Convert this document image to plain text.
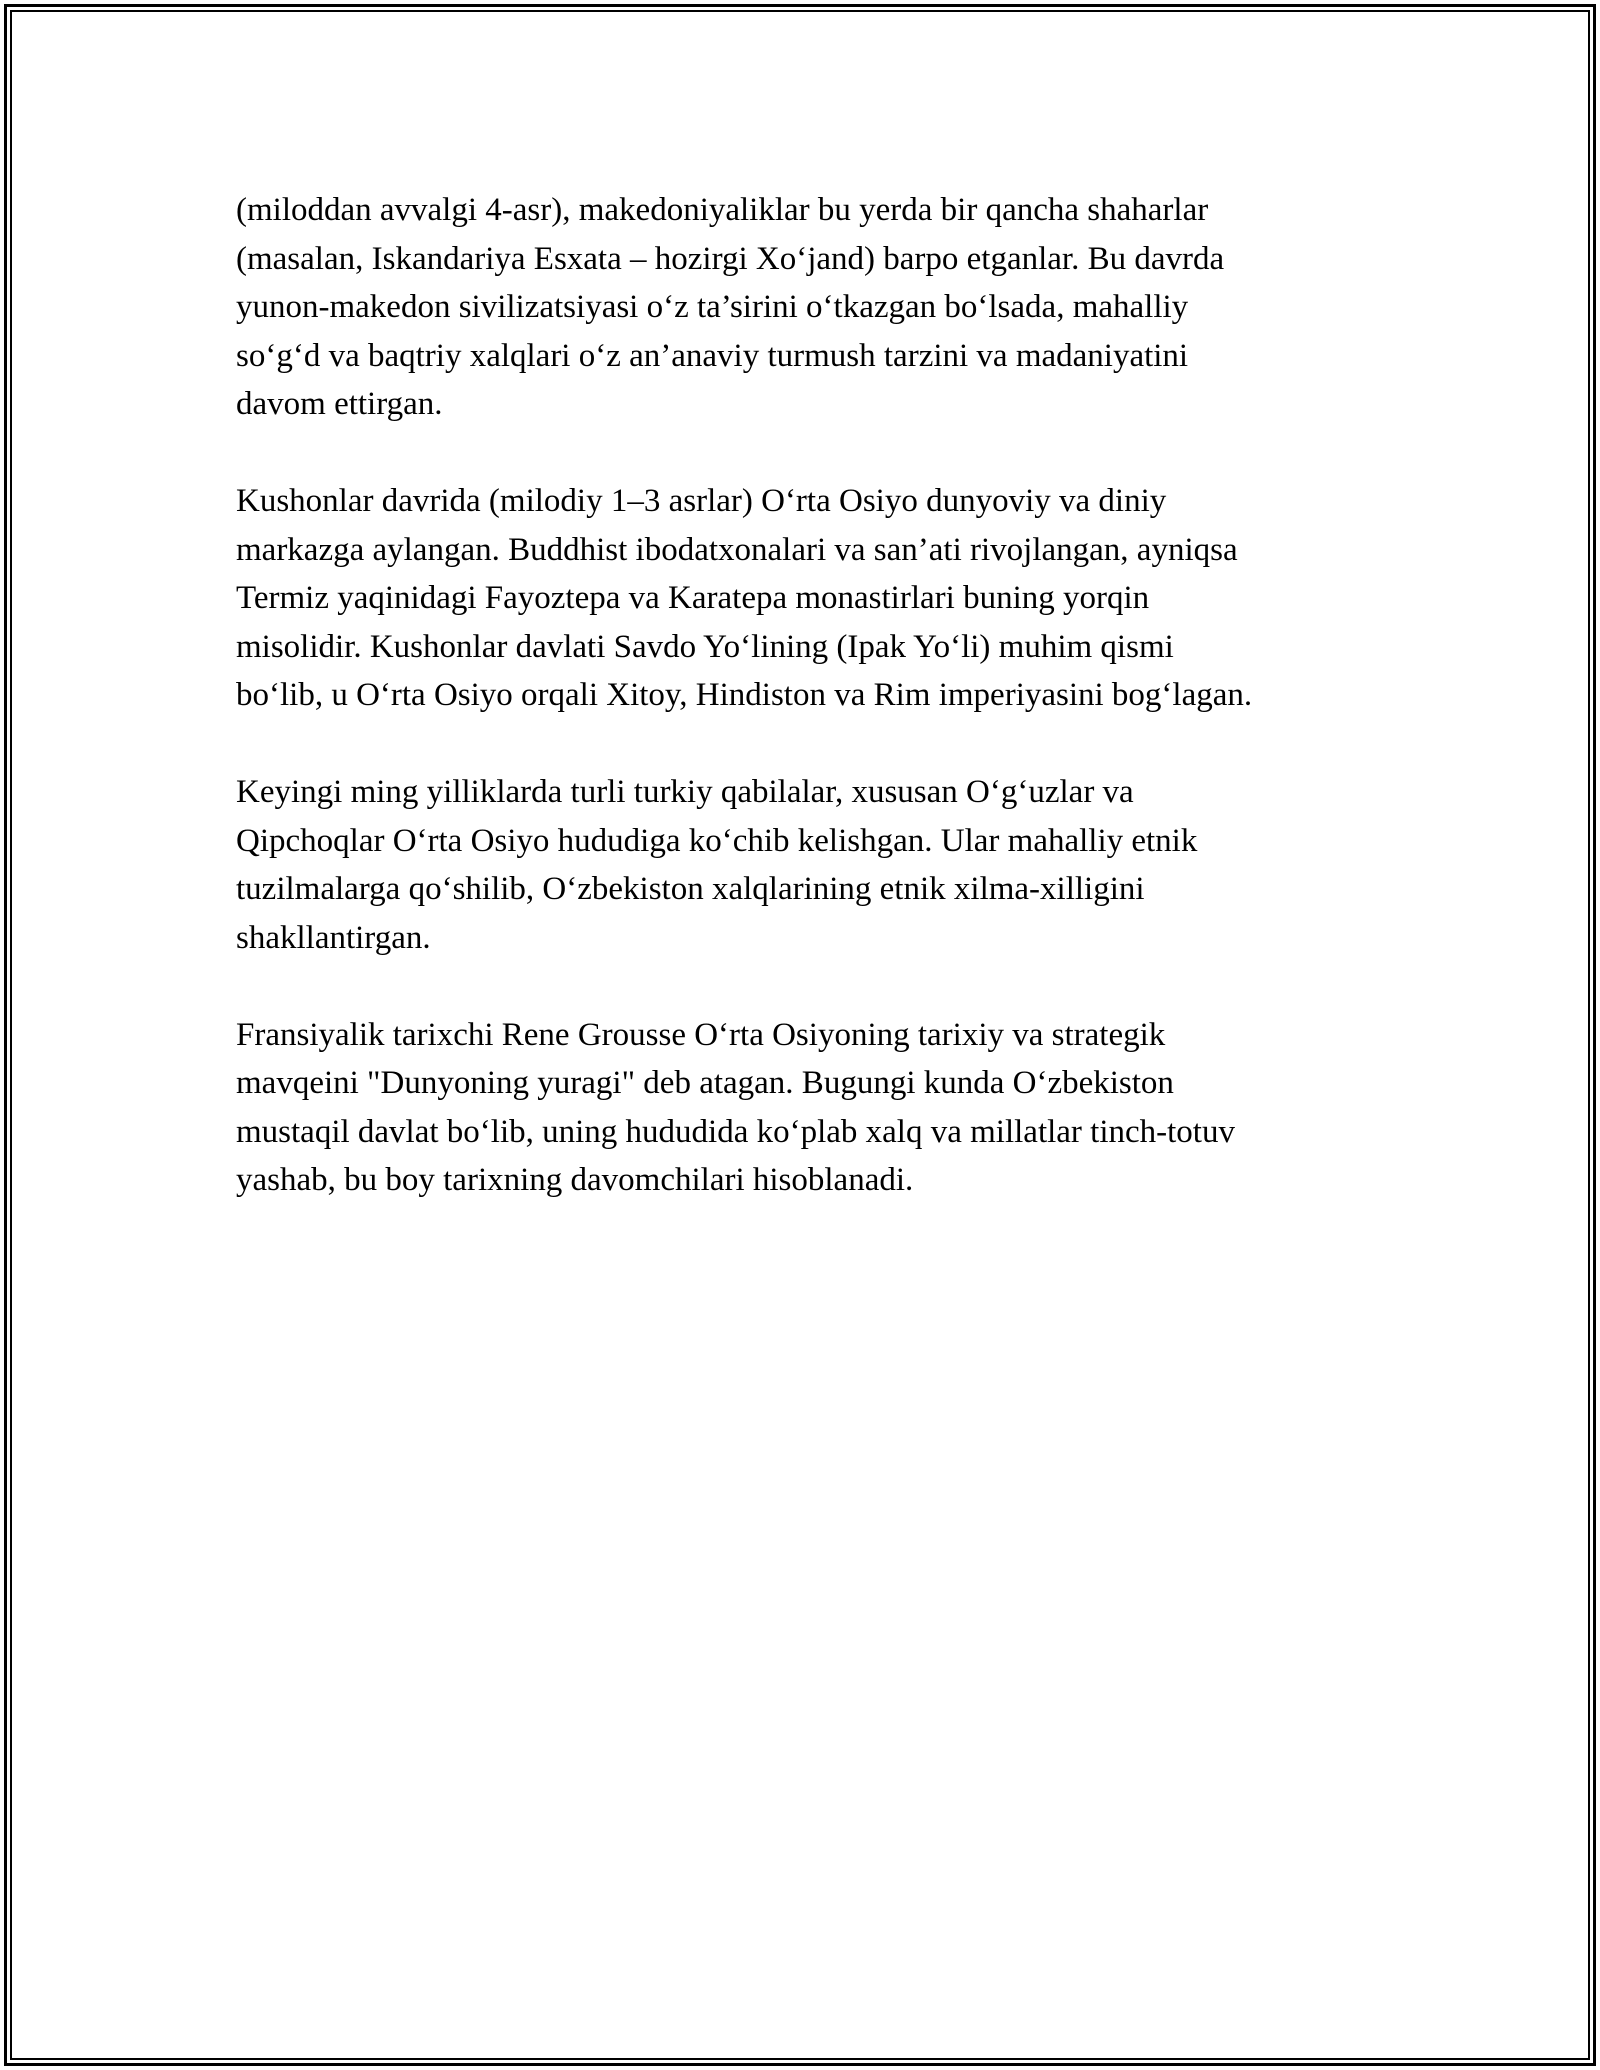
(miloddan avvalgi 4-asr), makedoniyaliklar bu yerda bir qancha shaharlar
(masalan, Iskandariya Esxata – hozirgi Xo‘jand) barpo etganlar. Bu davrda
yunon-makedon sivilizatsiyasi o‘z ta’sirini o‘tkazgan bo‘lsada, mahalliy
so‘g‘d va baqtriy xalqlari o‘z an’anaviy turmush tarzini va madaniyatini
davom ettirgan.
Kushonlar davrida (milodiy 1–3 asrlar) O‘rta Osiyo dunyoviy va diniy
markazga aylangan. Buddhist ibodatxonalari va san’ati rivojlangan, ayniqsa
Termiz yaqinidagi Fayoztepa va Karatepa monastirlari buning yorqin
misolidir. Kushonlar davlati Savdo Yo‘lining (Ipak Yo‘li) muhim qismi
bo‘lib, u O‘rta Osiyo orqali Xitoy, Hindiston va Rim imperiyasini bog‘lagan.
Keyingi ming yilliklarda turli turkiy qabilalar, xususan O‘g‘uzlar va
Qipchoqlar O‘rta Osiyo hududiga ko‘chib kelishgan. Ular mahalliy etnik
tuzilmalarga qo‘shilib, O‘zbekiston xalqlarining etnik xilma-xilligini
shakllantirgan.
Fransiyalik tarixchi Rene Grousse O‘rta Osiyoning tarixiy va strategik
mavqeini "Dunyoning yuragi" deb atagan. Bugungi kunda O‘zbekiston
mustaqil davlat bo‘lib, uning hududida ko‘plab xalq va millatlar tinch-totuv
yashab, bu boy tarixning davomchilari hisoblanadi.
